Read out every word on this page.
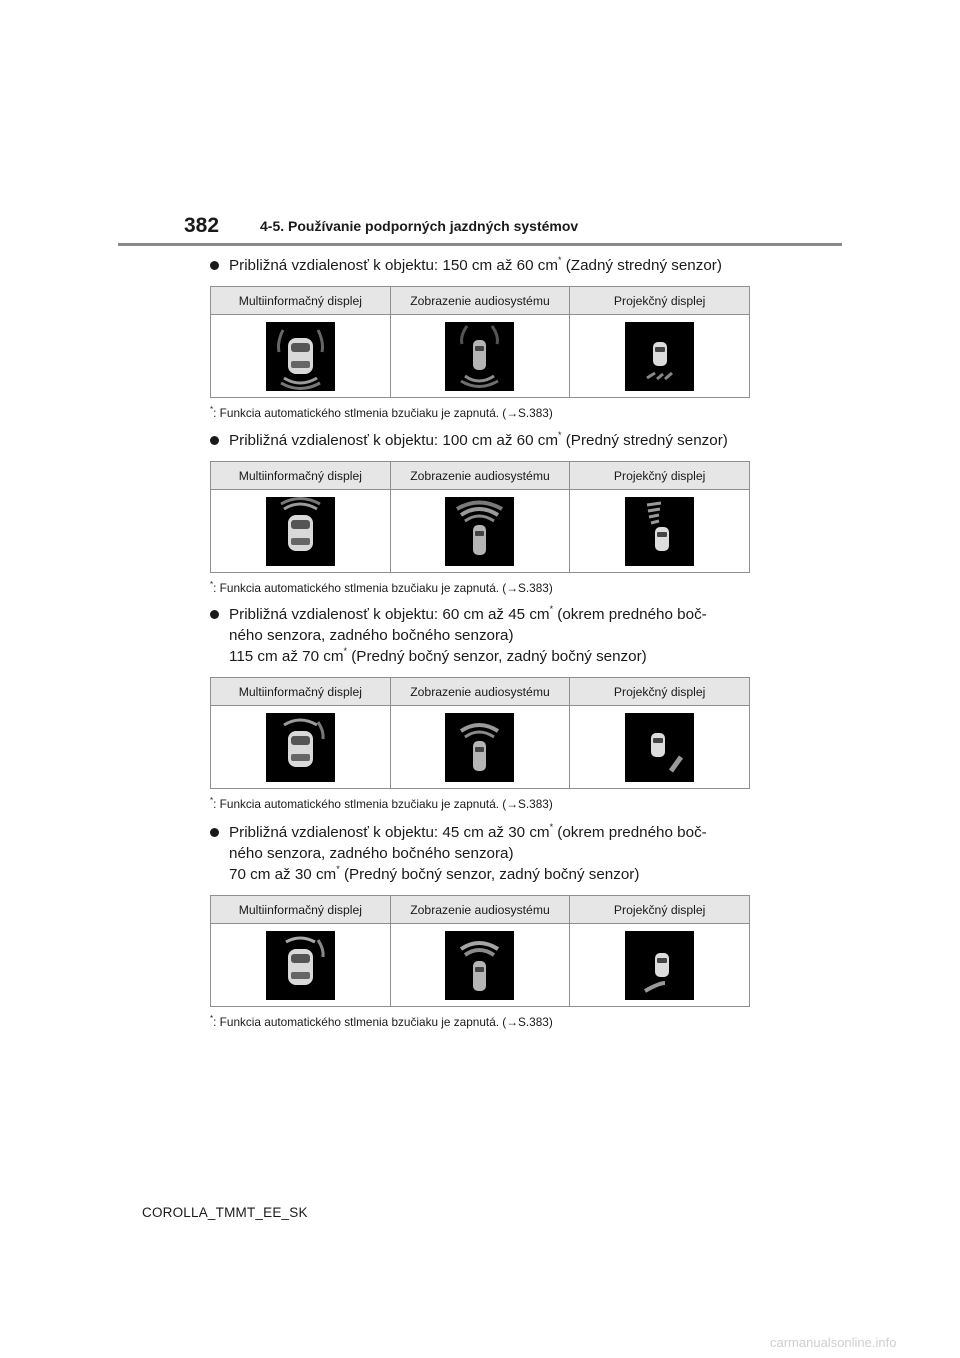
382	4-5. Používanie podporných jazdných systémov
Približná vzdialenosť k objektu: 150 cm až 60 cm* (Zadný stredný senzor)
Multiinformačný displej	Zobrazenie audiosystému	Projekčný displej

*: Funkcia automatického stlmenia bzučiaku je zapnutá. (→S.383)
Približná vzdialenosť k objektu: 100 cm až 60 cm* (Predný stredný senzor)
Multiinformačný displej	Zobrazenie audiosystému	Projekčný displej

*: Funkcia automatického stlmenia bzučiaku je zapnutá. (→S.383)
Približná vzdialenosť k objektu: 60 cm až 45 cm* (okrem predného boč-
ného senzora, zadného bočného senzora)
115 cm až 70 cm* (Predný bočný senzor, zadný bočný senzor)
Multiinformačný displej	Zobrazenie audiosystému	Projekčný displej

*: Funkcia automatického stlmenia bzučiaku je zapnutá. (→S.383)
Približná vzdialenosť k objektu: 45 cm až 30 cm* (okrem predného boč-
ného senzora, zadného bočného senzora)
70 cm až 30 cm* (Predný bočný senzor, zadný bočný senzor)
Multiinformačný displej	Zobrazenie audiosystému	Projekčný displej

*: Funkcia automatického stlmenia bzučiaku je zapnutá. (→S.383)
COROLLA_TMMT_EE_SK
carmanualsonline.info
